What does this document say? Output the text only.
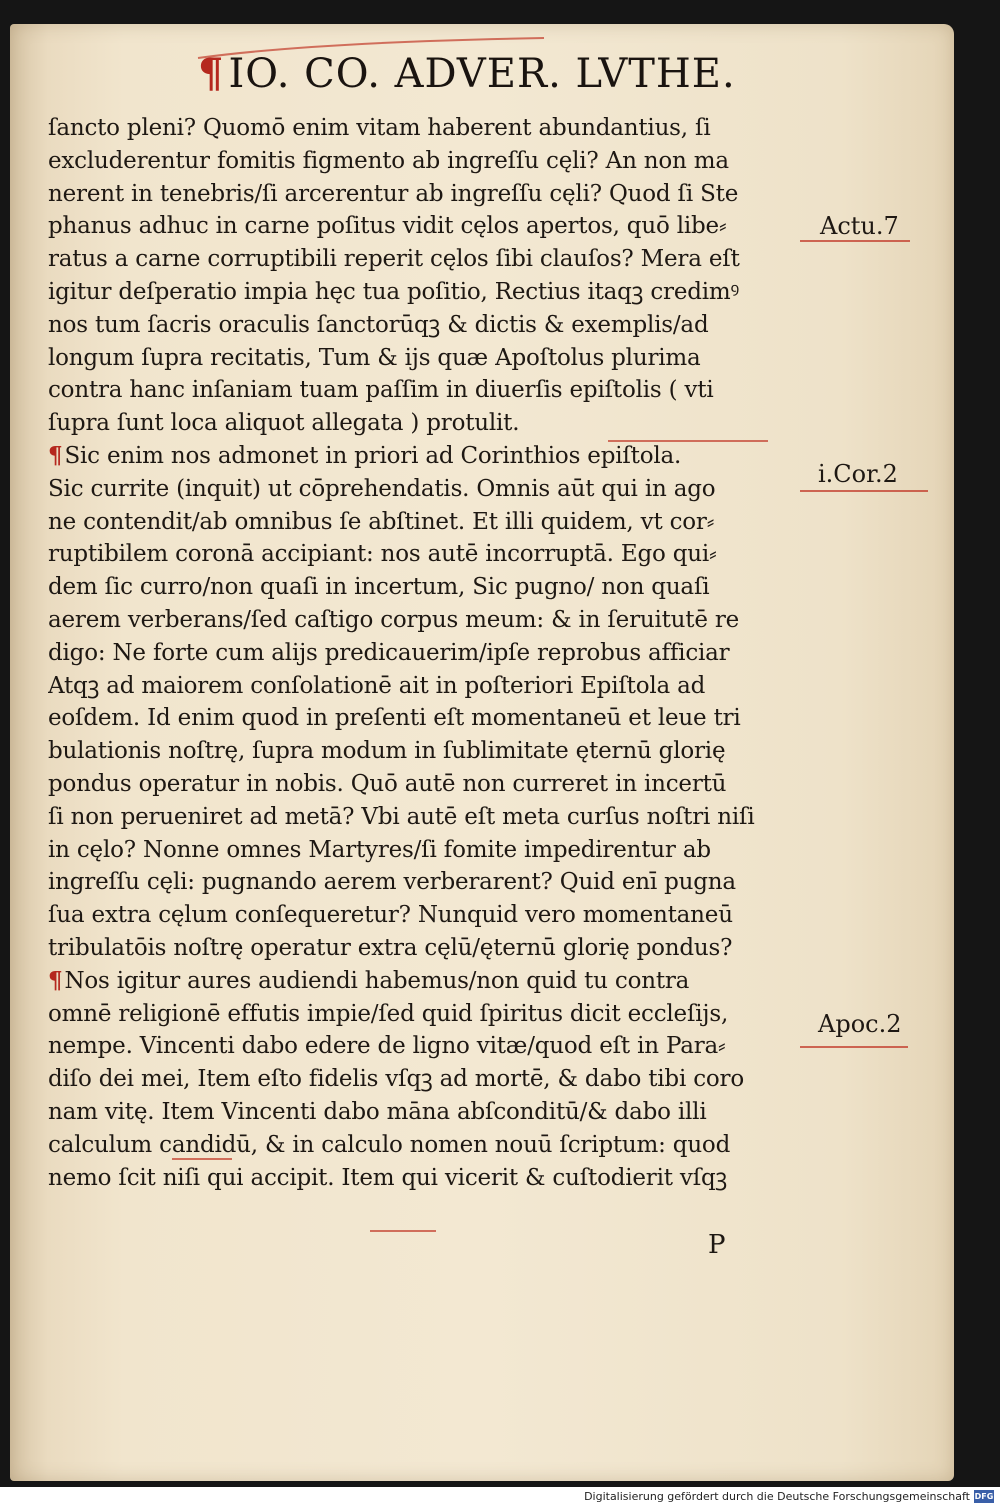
¶ IO. CO. ADVER. LVTHE.
ſancto pleni? Quomō enim vitam haberent abundantius, ſi
excluderentur fomitis figmento ab ingreſſu cęli? An non ma
nerent in tenebris/ſi arcerentur ab ingreſſu cęli? Quod ſi Ste
phanus adhuc in carne poſitus vidit cęlos apertos, quō libe⸗
ratus a carne corruptibili reperit cęlos ſibi clauſos? Mera eſt
igitur deſperatio impia hęc tua poſitio, Rectius itaqꝫ credimꝰ
nos tum ſacris oraculis ſanctorūqꝫ & dictis & exemplis/ad
longum ſupra recitatis, Tum & ijs quæ Apoſtolus plurima
contra hanc inſaniam tuam paſſim in diuerſis epiſtolis ( vti
ſupra ſunt loca aliquot allegata ) protulit.
¶Sic enim nos admonet in priori ad Corinthios epiſtola.
Sic currite (inquit) ut cōprehendatis. Omnis aūt qui in ago
ne contendit/ab omnibus ſe abſtinet. Et illi quidem, vt cor⸗
ruptibilem coronā accipiant: nos autē incorruptā. Ego qui⸗
dem ſic curro/non quaſi in incertum, Sic pugno/ non quaſi
aerem verberans/ſed caſtigo corpus meum: & in ſeruitutē re
digo: Ne forte cum alijs predicauerim/ipſe reprobus afficiar
Atqꝫ ad maiorem conſolationē ait in poſteriori Epiſtola ad
eoſdem. Id enim quod in preſenti eſt momentaneū et leue tri
bulationis noſtrę, ſupra modum in ſublimitate ęternū glorię
pondus operatur in nobis. Quō autē non curreret in incertū
ſi non perueniret ad metā? Vbi autē eſt meta curſus noſtri niſi
in cęlo? Nonne omnes Martyres/ſi fomite impedirentur ab
ingreſſu cęli: pugnando aerem verberarent? Quid enī pugna
ſua extra cęlum conſequeretur? Nunquid vero momentaneū
tribulatōis noſtrę operatur extra cęlū/ęternū glorię pondus?
¶Nos igitur aures audiendi habemus/non quid tu contra
omnē religionē effutis impie/ſed quid ſpiritus dicit eccleſijs,
nempe. Vincenti dabo edere de ligno vitæ/quod eſt in Para⸗
diſo dei mei, Item eſto fidelis vſqꝫ ad mortē, & dabo tibi coro
nam vitę. Item Vincenti dabo māna abſconditū/& dabo illi
calculum candidū, & in calculo nomen nouū ſcriptum: quod
nemo ſcit niſi qui accipit. Item qui vicerit & cuſtodierit vſqꝫ
Actu.7
i.Cor.2
Apoc.2
P
Digitalisierung gefördert durch die Deutsche Forschungsgemeinschaft DFG
